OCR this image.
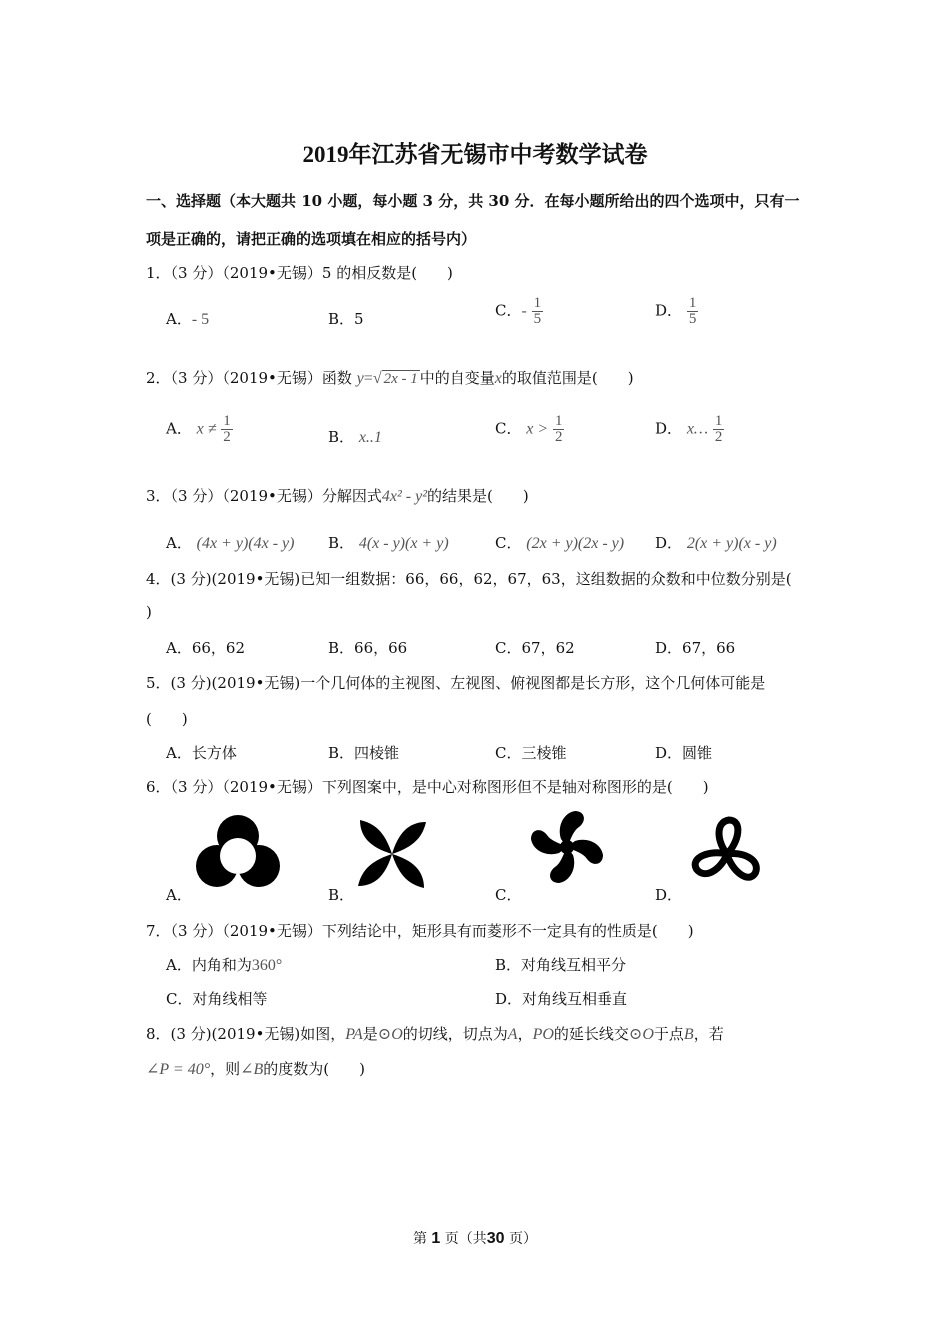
2019年江苏省无锡市中考数学试卷
一、选择题（本大题共 10 小题，每小题 3 分，共 30 分．在每小题所给出的四个选项中，只有一
项是正确的，请把正确的选项填在相应的括号内）
1．（3 分）（2019•无锡）5 的相反数是(　　)
A．- 5	B．5	C．- $\frac{1}{5}$	D． $\frac{1}{5}$
2．（3 分）（2019•无锡）函数 y=√ 2x - 1 中的自变量x的取值范围是(　　)
A． $x \ne \frac{1}{2}$	B． x..1	C． $x > \frac{1}{2}$	D． x… $\frac{1}{2}$
3．（3 分）（2019•无锡）分解因式4x² - y²的结果是(　　)
A． (4x + y)(4x - y) B． 4(x - y)(x + y)	C． (2x + y)(2x - y) D． 2(x + y)(x - y)
4．(3 分)(2019•无锡)已知一组数据：66，66，62，67，63，这组数据的众数和中位数分别是(
)
A．66，62	B．66，66	C．67，62	D．67，66
5．(3 分)(2019•无锡)一个几何体的主视图、左视图、俯视图都是长方形，这个几何体可能是
(　　)
A．长方体	B．四棱锥	C．三棱锥	D．圆锥
6．（3 分）（2019•无锡）下列图案中，是中心对称图形但不是轴对称图形的是(　　)
A．	B．	C．	D．
7．（3 分）（2019•无锡）下列结论中，矩形具有而菱形不一定具有的性质是(　　)
A．内角和为360°	B．对角线互相平分
C．对角线相等	D．对角线互相垂直
8．(3 分)(2019•无锡)如图，PA是⊙O的切线，切点为A，PO的延长线交⊙O于点B，若
∠P = 40°，则∠B的度数为(　　)
第 1 页（共30 页）
